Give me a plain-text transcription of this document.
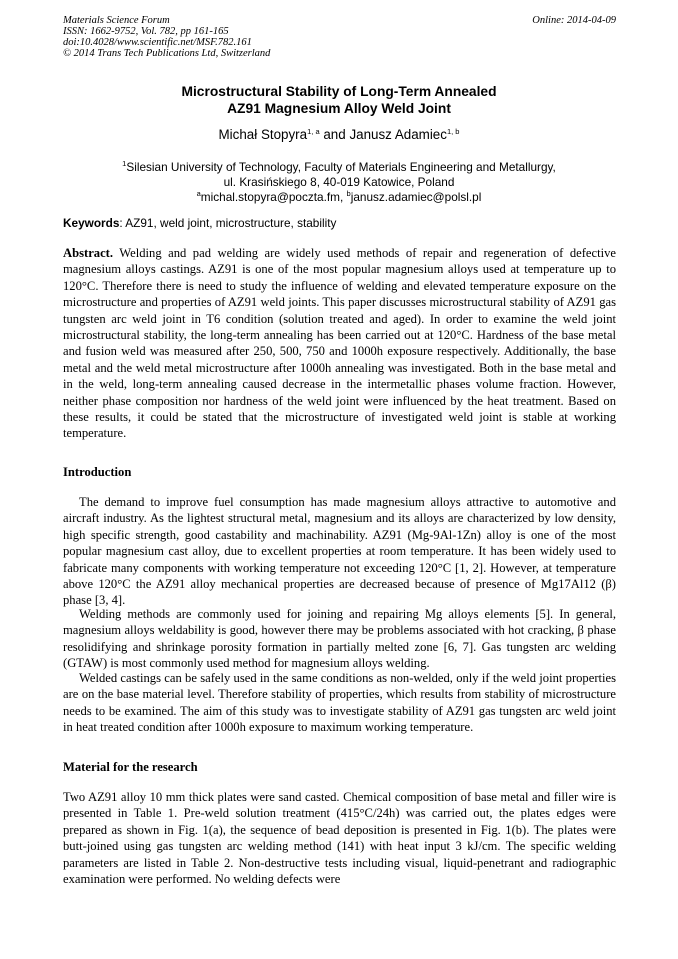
Materials Science Forum
ISSN: 1662-9752, Vol. 782, pp 161-165
doi:10.4028/www.scientific.net/MSF.782.161
© 2014 Trans Tech Publications Ltd, Switzerland
Online: 2014-04-09
Microstructural Stability of Long-Term Annealed
AZ91 Magnesium Alloy Weld Joint
Michał Stopyra$^{1, a}$ and Janusz Adamiec$^{1, b}$
$^1$Silesian University of Technology, Faculty of Materials Engineering and Metallurgy,
ul. Krasińskiego 8, 40-019 Katowice, Poland
$^a$michal.stopyra@poczta.fm, $^b$janusz.adamiec@polsl.pl
Keywords: AZ91, weld joint, microstructure, stability

Abstract. Welding and pad welding are widely used methods of repair and regeneration of defective magnesium alloys castings. AZ91 is one of the most popular magnesium alloys used at temperature up to 120°C. Therefore there is need to study the influence of welding and elevated temperature exposure on the microstructure and properties of AZ91 weld joints. This paper discusses microstructural stability of AZ91 gas tungsten arc weld joint in T6 condition (solution treated and aged). In order to examine the weld joint microstructural stability, the long-term annealing has been carried out at 120°C. Hardness of the base metal and fusion weld was measured after 250, 500, 750 and 1000h exposure respectively. Additionally, the base metal and the weld metal microstructure after 1000h annealing was investigated. Both in the base metal and in the weld, long-term annealing caused decrease in the intermetallic phases volume fraction. However, neither phase composition nor hardness of the weld joint were influenced by the heat treatment. Based on these results, it could be stated that the microstructure of investigated weld joint is stable at working temperature.

Introduction

The demand to improve fuel consumption has made magnesium alloys attractive to automotive and aircraft industry. As the lightest structural metal, magnesium and its alloys are characterized by low density, high specific strength, good castability and machinability. AZ91 (Mg-9Al-1Zn) alloy is one of the most popular magnesium cast alloy, due to excellent properties at room temperature. It has been widely used to fabricate many components with working temperature not exceeding 120°C [1, 2]. However, at temperature above 120°C the AZ91 alloy mechanical properties are decreased because of presence of Mg17Al12 (β) phase [3, 4].

Welding methods are commonly used for joining and repairing Mg alloys elements [5]. In general, magnesium alloys weldability is good, however there may be problems associated with hot cracking, β phase resolidifying and shrinkage porosity formation in partially melted zone [6, 7]. Gas tungsten arc welding (GTAW) is most commonly used method for magnesium alloys welding.

Welded castings can be safely used in the same conditions as non-welded, only if the weld joint properties are on the base material level. Therefore stability of properties, which results from stability of microstructure needs to be examined. The aim of this study was to investigate stability of AZ91 gas tungsten arc weld joint in heat treated condition after 1000h exposure to maximum working temperature.

Material for the research

Two AZ91 alloy 10 mm thick plates were sand casted. Chemical composition of base metal and filler wire is presented in Table 1. Pre-weld solution treatment (415°C/24h) was carried out, the plates edges were prepared as shown in Fig. 1(a), the sequence of bead deposition is presented in Fig. 1(b). The plates were butt-joined using gas tungsten arc welding method (141) with heat input 3 kJ/cm. The specific welding parameters are listed in Table 2. Non-destructive tests including visual, liquid-penetrant and radiographic examination were performed. No welding defects were
